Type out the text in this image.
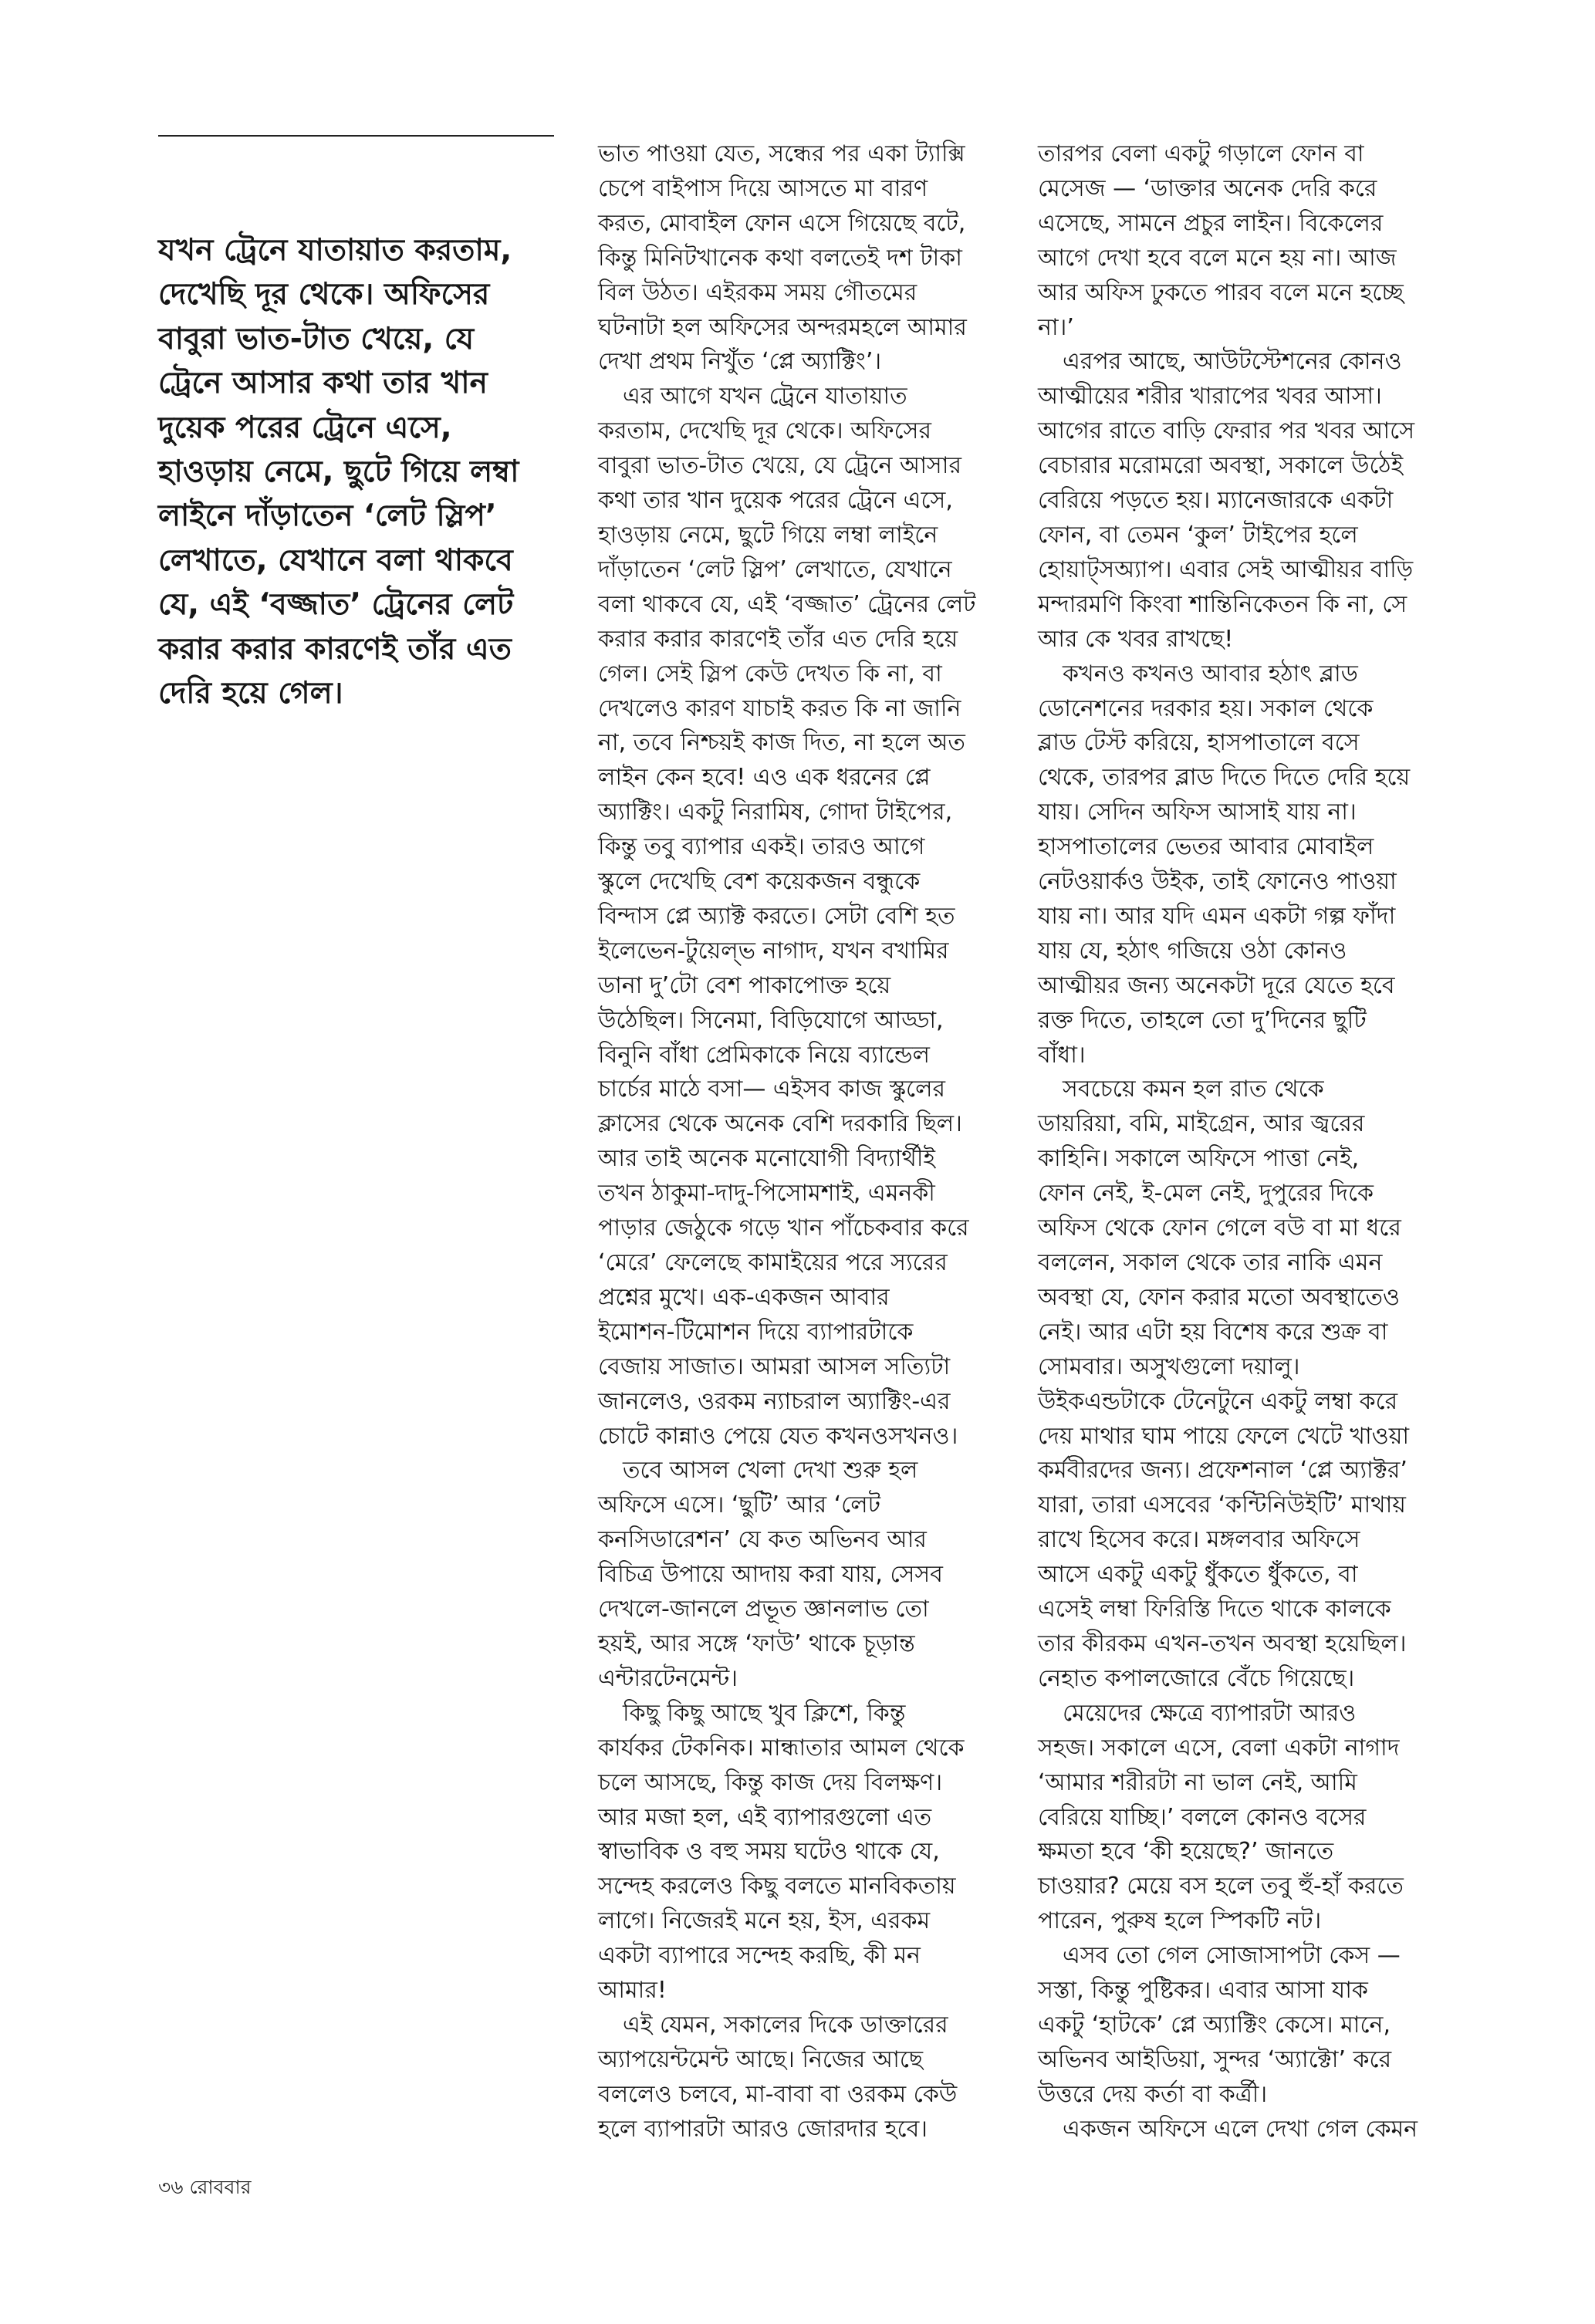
যখন ট্রেনে যাতায়াত করতাম,
দেখেছি দূর থেকে। অফিসের
বাবুরা ভাত-টাত খেয়ে, যে
ট্রেনে আসার কথা তার খান
দুয়েক পরের ট্রেনে এসে,
হাওড়ায় নেমে, ছুটে গিয়ে লম্বা
লাইনে দাঁড়াতেন ‘লেট স্লিপ’
লেখাতে, যেখানে বলা থাকবে
যে, এই ‘বজ্জাত’ ট্রেনের লেট
করার করার কারণেই তাঁর এত
দেরি হয়ে গেল।
ভাত পাওয়া যেত, সন্ধের পর একা ট্যাক্সি
চেপে বাইপাস দিয়ে আসতে মা বারণ
করত, মোবাইল ফোন এসে গিয়েছে বটে,
কিন্তু মিনিটখানেক কথা বলতেই দশ টাকা
বিল উঠত। এইরকম সময় গৌতমের
ঘটনাটা হল অফিসের অন্দরমহলে আমার
দেখা প্রথম নিখুঁত ‘প্লে অ্যাক্টিং’।
এর আগে যখন ট্রেনে যাতায়াত
করতাম, দেখেছি দূর থেকে। অফিসের
বাবুরা ভাত-টাত খেয়ে, যে ট্রেনে আসার
কথা তার খান দুয়েক পরের ট্রেনে এসে,
হাওড়ায় নেমে, ছুটে গিয়ে লম্বা লাইনে
দাঁড়াতেন ‘লেট স্লিপ’ লেখাতে, যেখানে
বলা থাকবে যে, এই ‘বজ্জাত’ ট্রেনের লেট
করার করার কারণেই তাঁর এত দেরি হয়ে
গেল। সেই স্লিপ কেউ দেখত কি না, বা
দেখলেও কারণ যাচাই করত কি না জানি
না, তবে নিশ্চয়ই কাজ দিত, না হলে অত
লাইন কেন হবে! এও এক ধরনের প্লে
অ্যাক্টিং। একটু নিরামিষ, গোদা টাইপের,
কিন্তু তবু ব্যাপার একই। তারও আগে
স্কুলে দেখেছি বেশ কয়েকজন বন্ধুকে
বিন্দাস প্লে অ্যাক্ট করতে। সেটা বেশি হত
ইলেভেন-টুয়েল্‌ভ নাগাদ, যখন বখামির
ডানা দু’টো বেশ পাকাপোক্ত হয়ে
উঠেছিল। সিনেমা, বিড়িযোগে আড্ডা,
বিনুনি বাঁধা প্রেমিকাকে নিয়ে ব্যান্ডেল
চার্চের মাঠে বসা— এইসব কাজ স্কুলের
ক্লাসের থেকে অনেক বেশি দরকারি ছিল।
আর তাই অনেক মনোযোগী বিদ্যার্থীই
তখন ঠাকুমা-দাদু-পিসোমশাই, এমনকী
পাড়ার জেঠুকে গড়ে খান পাঁচেকবার করে
‘মেরে’ ফেলেছে কামাইয়ের পরে স্যরের
প্রশ্নের মুখে। এক-একজন আবার
ইমোশন-টিমোশন দিয়ে ব্যাপারটাকে
বেজায় সাজাত। আমরা আসল সত্যিটা
জানলেও, ওরকম ন্যাচরাল অ্যাক্টিং-এর
চোটে কান্নাও পেয়ে যেত কখনওসখনও।
তবে আসল খেলা দেখা শুরু হল
অফিসে এসে। ‘ছুটি’ আর ‘লেট
কনসিডারেশন’ যে কত অভিনব আর
বিচিত্র উপায়ে আদায় করা যায়, সেসব
দেখলে-জানলে প্রভূত জ্ঞানলাভ তো
হয়ই, আর সঙ্গে ‘ফাউ’ থাকে চূড়ান্ত
এন্টারটেনমেন্ট।
কিছু কিছু আছে খুব ক্লিশে, কিন্তু
কার্যকর টেকনিক। মান্ধাতার আমল থেকে
চলে আসছে, কিন্তু কাজ দেয় বিলক্ষণ।
আর মজা হল, এই ব্যাপারগুলো এত
স্বাভাবিক ও বহু সময় ঘটেও থাকে যে,
সন্দেহ করলেও কিছু বলতে মানবিকতায়
লাগে। নিজেরই মনে হয়, ইস, এরকম
একটা ব্যাপারে সন্দেহ করছি, কী মন
আমার!
এই যেমন, সকালের দিকে ডাক্তারের
অ্যাপয়েন্টমেন্ট আছে। নিজের আছে
বললেও চলবে, মা-বাবা বা ওরকম কেউ
হলে ব্যাপারটা আরও জোরদার হবে।
তারপর বেলা একটু গড়ালে ফোন বা
মেসেজ — ‘ডাক্তার অনেক দেরি করে
এসেছে, সামনে প্রচুর লাইন। বিকেলের
আগে দেখা হবে বলে মনে হয় না। আজ
আর অফিস ঢুকতে পারব বলে মনে হচ্ছে
না।’
এরপর আছে, আউটস্টেশনের কোনও
আত্মীয়ের শরীর খারাপের খবর আসা।
আগের রাতে বাড়ি ফেরার পর খবর আসে
বেচারার মরোমরো অবস্থা, সকালে উঠেই
বেরিয়ে পড়তে হয়। ম্যানেজারকে একটা
ফোন, বা তেমন ‘কুল’ টাইপের হলে
হোয়াট্‌সঅ্যাপ। এবার সেই আত্মীয়র বাড়ি
মন্দারমণি কিংবা শান্তিনিকেতন কি না, সে
আর কে খবর রাখছে!
কখনও কখনও আবার হঠাৎ ব্লাড
ডোনেশনের দরকার হয়। সকাল থেকে
ব্লাড টেস্ট করিয়ে, হাসপাতালে বসে
থেকে, তারপর ব্লাড দিতে দিতে দেরি হয়ে
যায়। সেদিন অফিস আসাই যায় না।
হাসপাতালের ভেতর আবার মোবাইল
নেটওয়ার্কও উইক, তাই ফোনেও পাওয়া
যায় না। আর যদি এমন একটা গল্প ফাঁদা
যায় যে, হঠাৎ গজিয়ে ওঠা কোনও
আত্মীয়র জন্য অনেকটা দূরে যেতে হবে
রক্ত দিতে, তাহলে তো দু’দিনের ছুটি
বাঁধা।
সবচেয়ে কমন হল রাত থেকে
ডায়রিয়া, বমি, মাইগ্রেন, আর জ্বরের
কাহিনি। সকালে অফিসে পাত্তা নেই,
ফোন নেই, ই-মেল নেই, দুপুরের দিকে
অফিস থেকে ফোন গেলে বউ বা মা ধরে
বললেন, সকাল থেকে তার নাকি এমন
অবস্থা যে, ফোন করার মতো অবস্থাতেও
নেই। আর এটা হয় বিশেষ করে শুক্র বা
সোমবার। অসুখগুলো দয়ালু।
উইকএন্ডটাকে টেনেটুনে একটু লম্বা করে
দেয় মাথার ঘাম পায়ে ফেলে খেটে খাওয়া
কর্মবীরদের জন্য। প্রফেশনাল ‘প্লে অ্যাক্টর’
যারা, তারা এসবের ‘কন্টিনিউইটি’ মাথায়
রাখে হিসেব করে। মঙ্গলবার অফিসে
আসে একটু একটু ধুঁকতে ধুঁকতে, বা
এসেই লম্বা ফিরিস্তি দিতে থাকে কালকে
তার কীরকম এখন-তখন অবস্থা হয়েছিল।
নেহাত কপালজোরে বেঁচে গিয়েছে।
মেয়েদের ক্ষেত্রে ব্যাপারটা আরও
সহজ। সকালে এসে, বেলা একটা নাগাদ
‘আমার শরীরটা না ভাল নেই, আমি
বেরিয়ে যাচ্ছি।’ বললে কোনও বসের
ক্ষমতা হবে ‘কী হয়েছে?’ জানতে
চাওয়ার? মেয়ে বস হলে তবু হুঁ-হাঁ করতে
পারেন, পুরুষ হলে স্পিকটি নট।
এসব তো গেল সোজাসাপটা কেস —
সস্তা, কিন্তু পুষ্টিকর। এবার আসা যাক
একটু ‘হাটকে’ প্লে অ্যাক্টিং কেসে। মানে,
অভিনব আইডিয়া, সুন্দর ‘অ্যাক্টো’ করে
উত্তরে দেয় কর্তা বা কর্ত্রী।
একজন অফিসে এলে দেখা গেল কেমন
৩৬ রোববার
